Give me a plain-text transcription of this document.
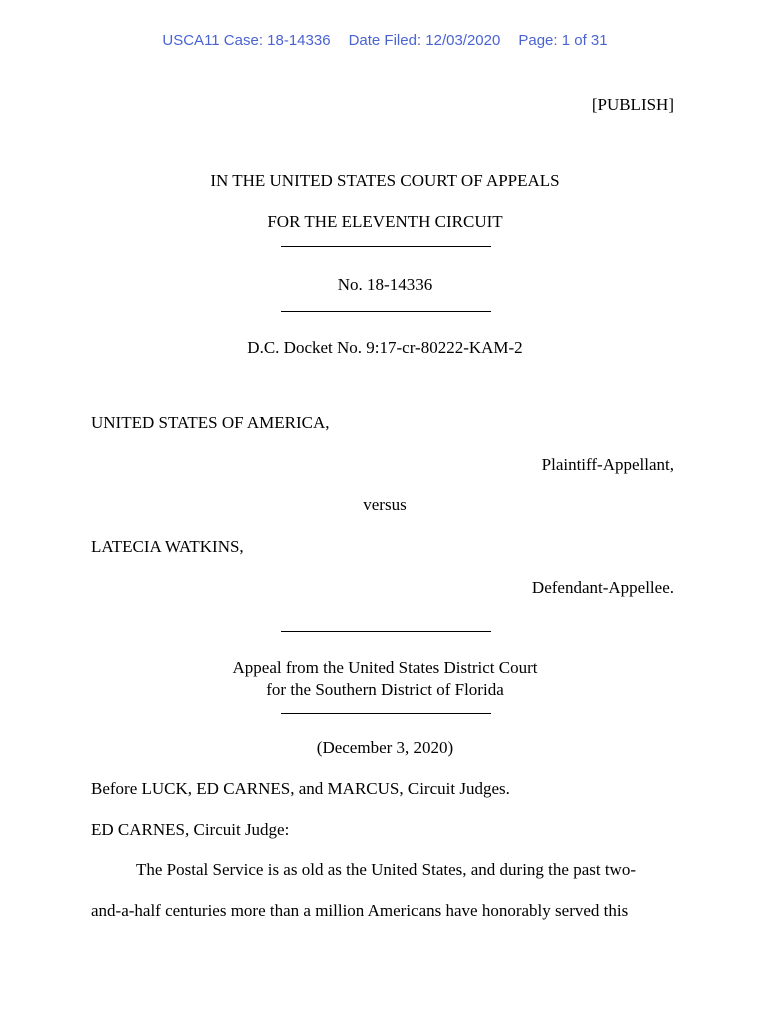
USCA11 Case: 18-14336 Date Filed: 12/03/2020 Page: 1 of 31
[PUBLISH]
IN THE UNITED STATES COURT OF APPEALS
FOR THE ELEVENTH CIRCUIT
No. 18-14336
D.C. Docket No. 9:17-cr-80222-KAM-2
UNITED STATES OF AMERICA,
Plaintiff-Appellant,
versus
LATECIA WATKINS,
Defendant-Appellee.
Appeal from the United States District Court
for the Southern District of Florida
(December 3, 2020)
Before LUCK, ED CARNES, and MARCUS, Circuit Judges.
ED CARNES, Circuit Judge:
The Postal Service is as old as the United States, and during the past two-
and-a-half centuries more than a million Americans have honorably served this
